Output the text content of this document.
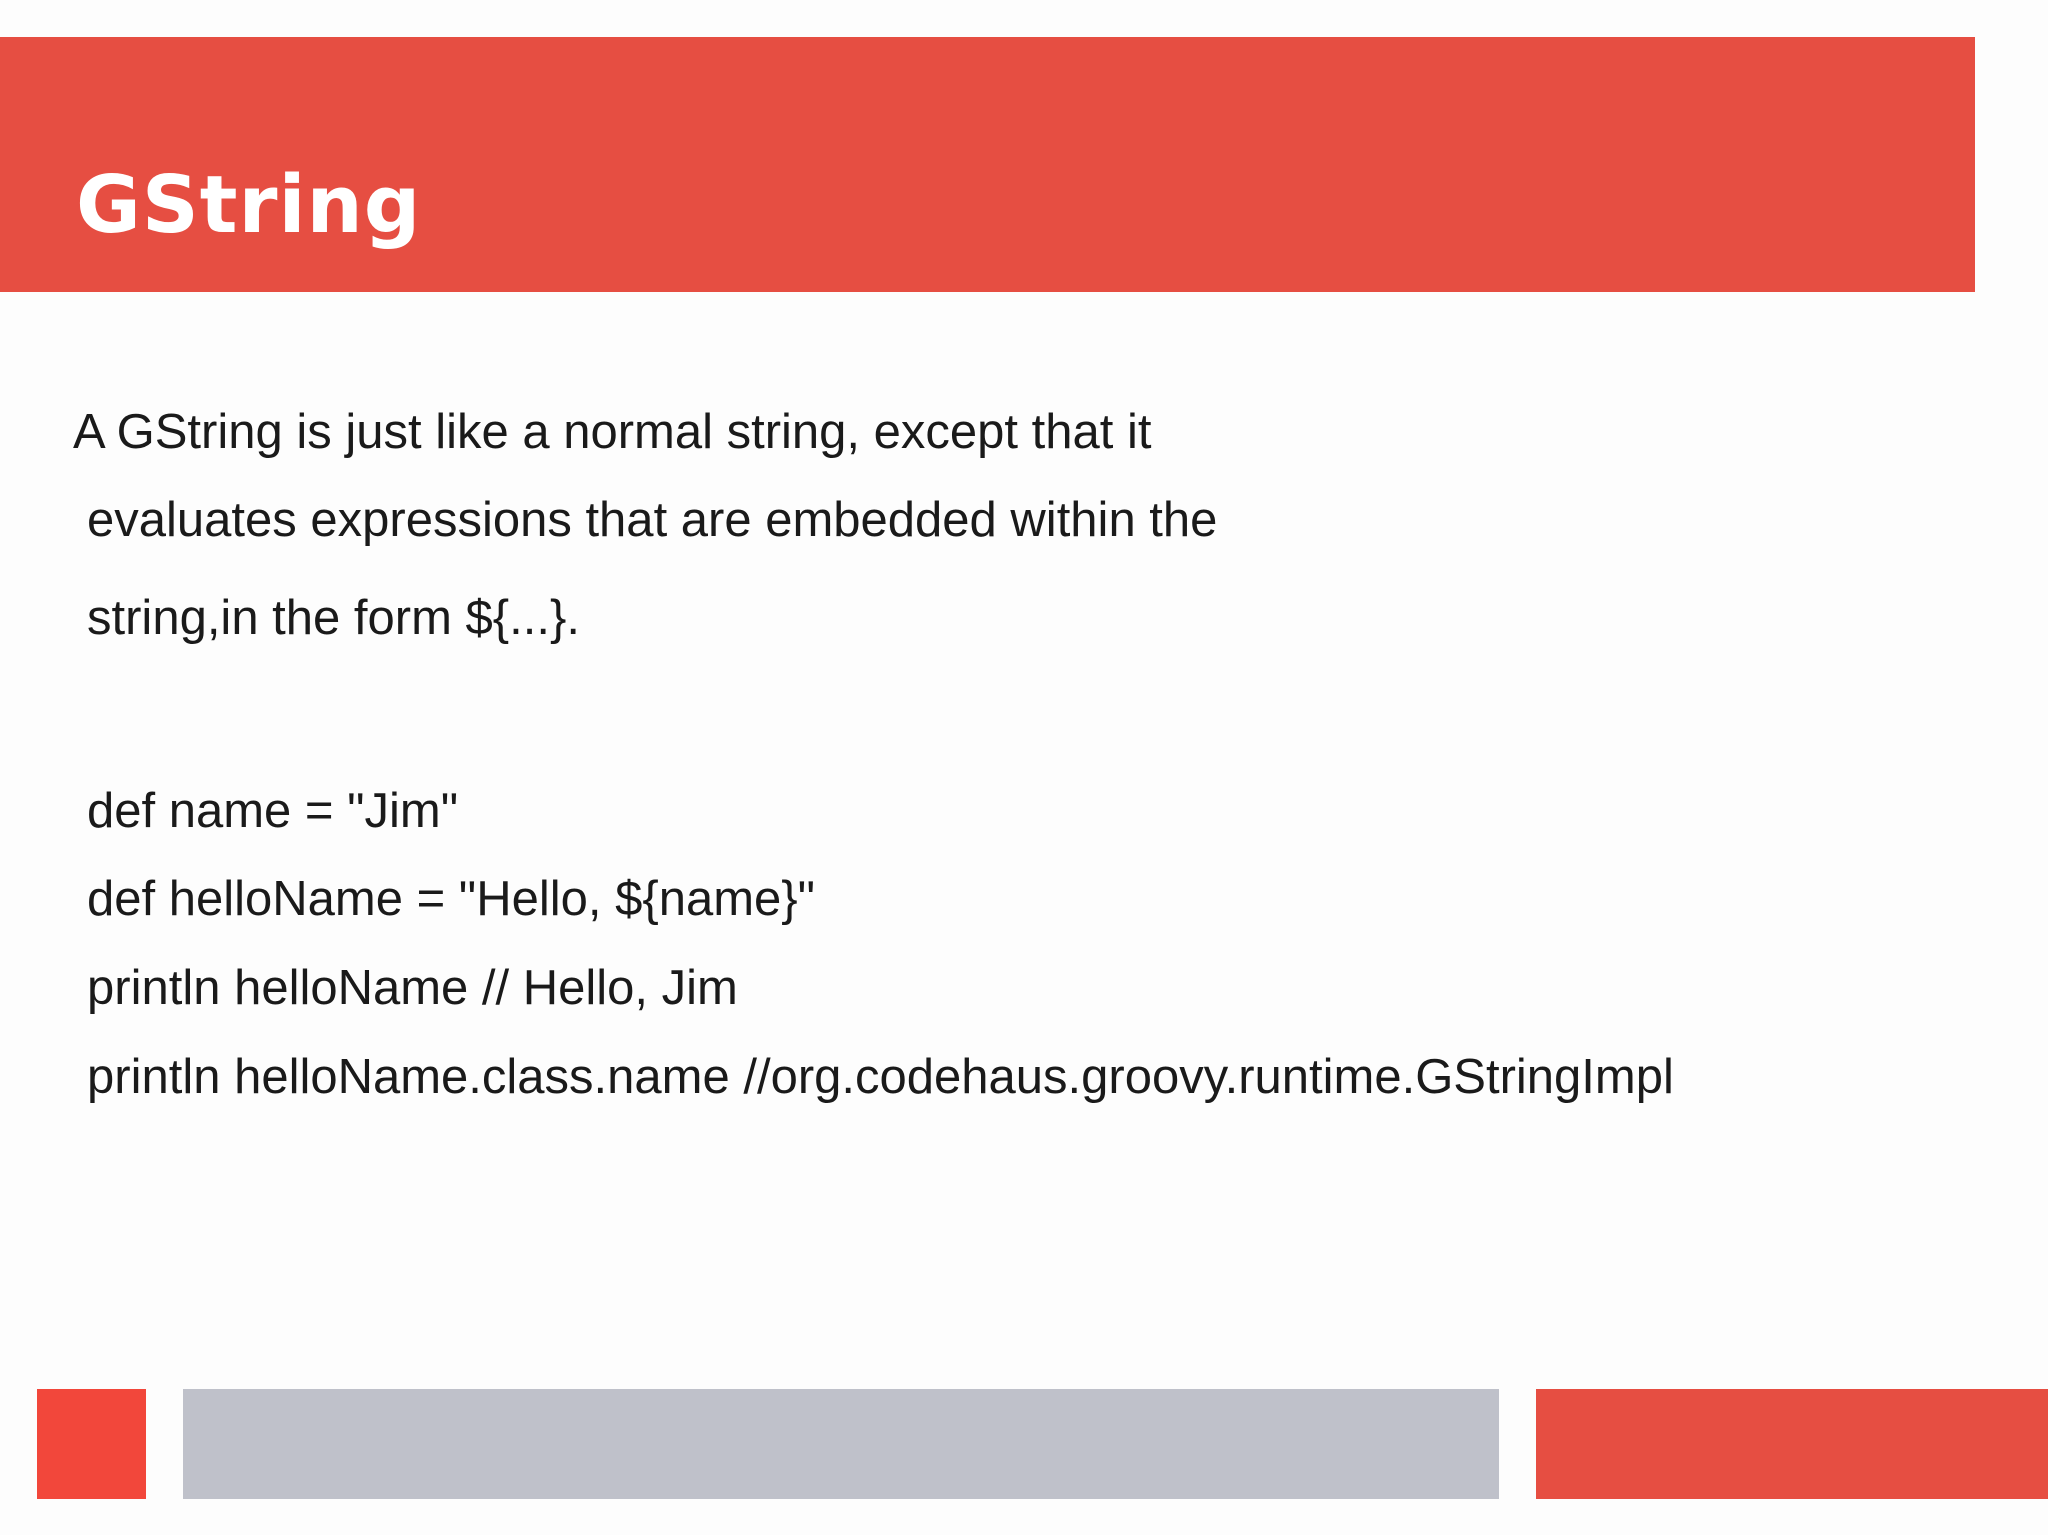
GString

A GString is just like a normal string, except that it

evaluates expressions that are embedded within the

string,in the form ${...}.

def name = "Jim"

def helloName = "Hello, ${name}"

println helloName // Hello, Jim

println helloName.class.name //org.codehaus.groovy.runtime.GStringImpl
